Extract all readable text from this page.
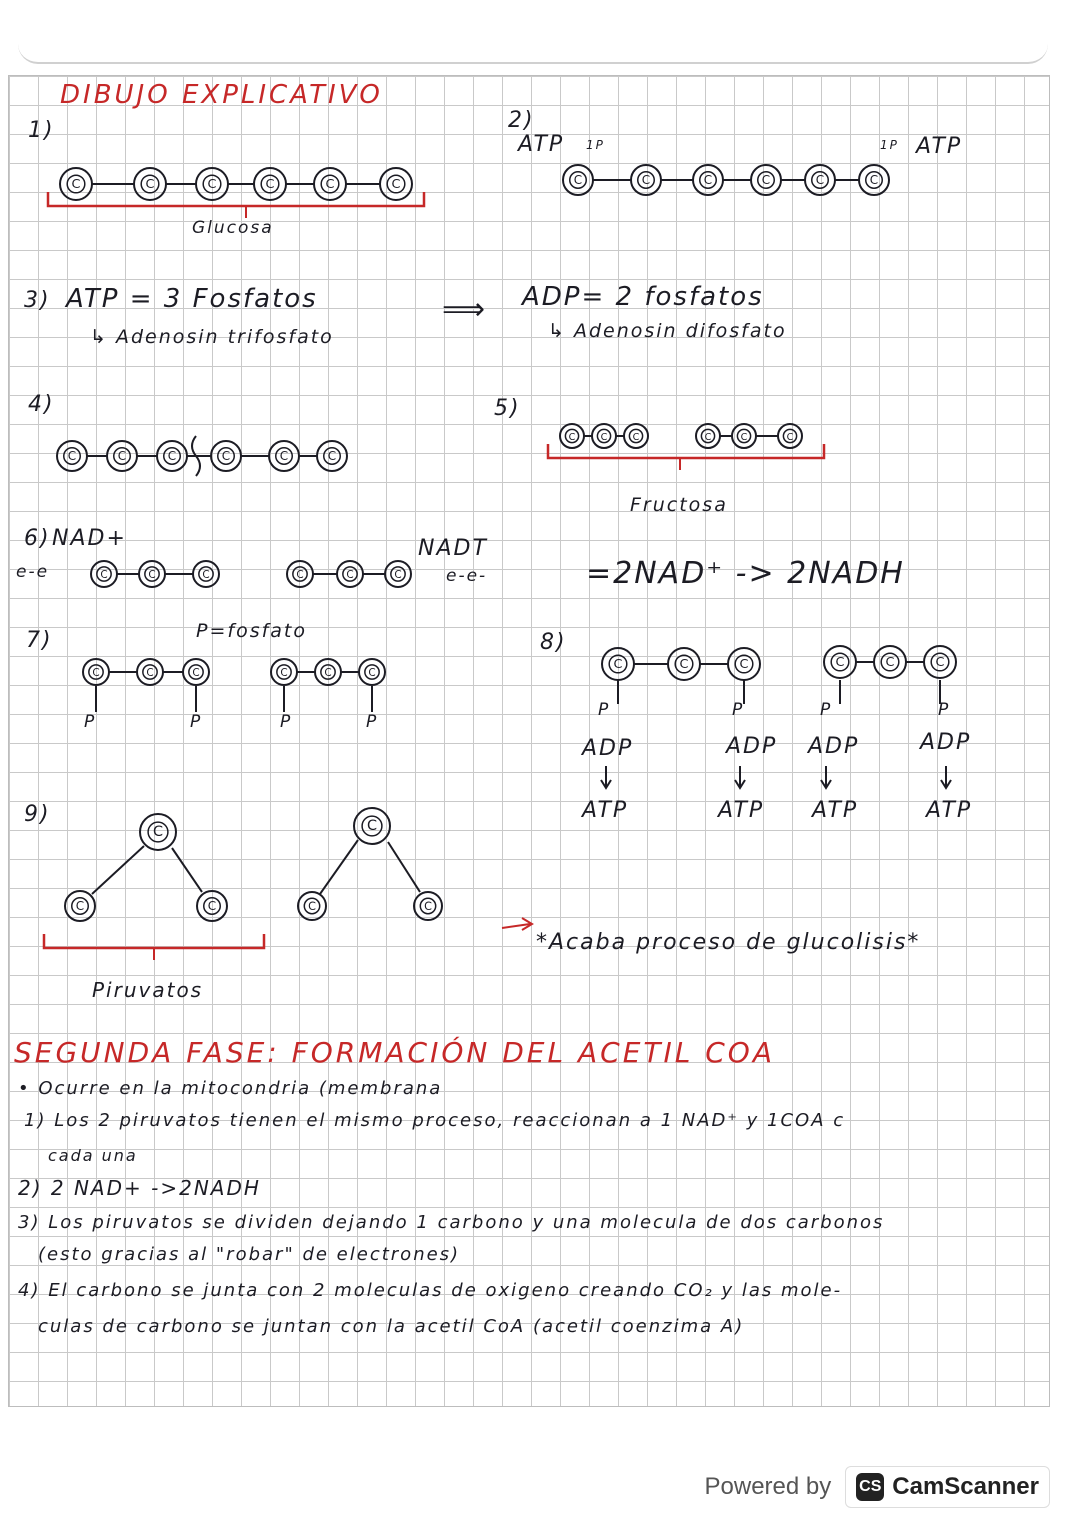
C	C	C	C	C	C	C	C	C	C	C	C
C	C	C	C	C	C
C	C	C	C	C	C
C	C	C	C	C	C
C	C	C	C	C	C
C	C	C	C	C	C
C
C	C
C
C	C
DIBUJO EXPLICATIVO
1)
Glucosa
2)
ATP 1P	1P ATP
3) ATP = 3 Fosfatos
↳ Adenosin trifosfato
⟹ ADP= 2 fosfatos
↳ Adenosin difosfato
4)	5)
Fructosa
6) NAD+
e-e
NADT
e-e-	=2NAD⁺ -> 2NADH
7)	P=fosfato
P	P	P	P
8)
P	P	P	P
ADP	ADP ADP	ADP
ATP	ATP ATP	ATP
9)
Piruvatos
*Acaba proceso de glucolisis*
SEGUNDA FASE: FORMACIÓN DEL ACETIL COA
• Ocurre en la mitocondria (membrana
1) Los 2 piruvatos tienen el mismo proceso, reaccionan a 1 NAD⁺ y 1COA c
cada una
2) 2 NAD+ ->2NADH
3) Los piruvatos se dividen dejando 1 carbono y una molecula de dos carbonos
(esto gracias al "robar" de electrones)
4) El carbono se junta con 2 moleculas de oxigeno creando CO₂ y las mole-
culas de carbono se juntan con la acetil CoA (acetil coenzima A)
Powered by CS CamScanner
